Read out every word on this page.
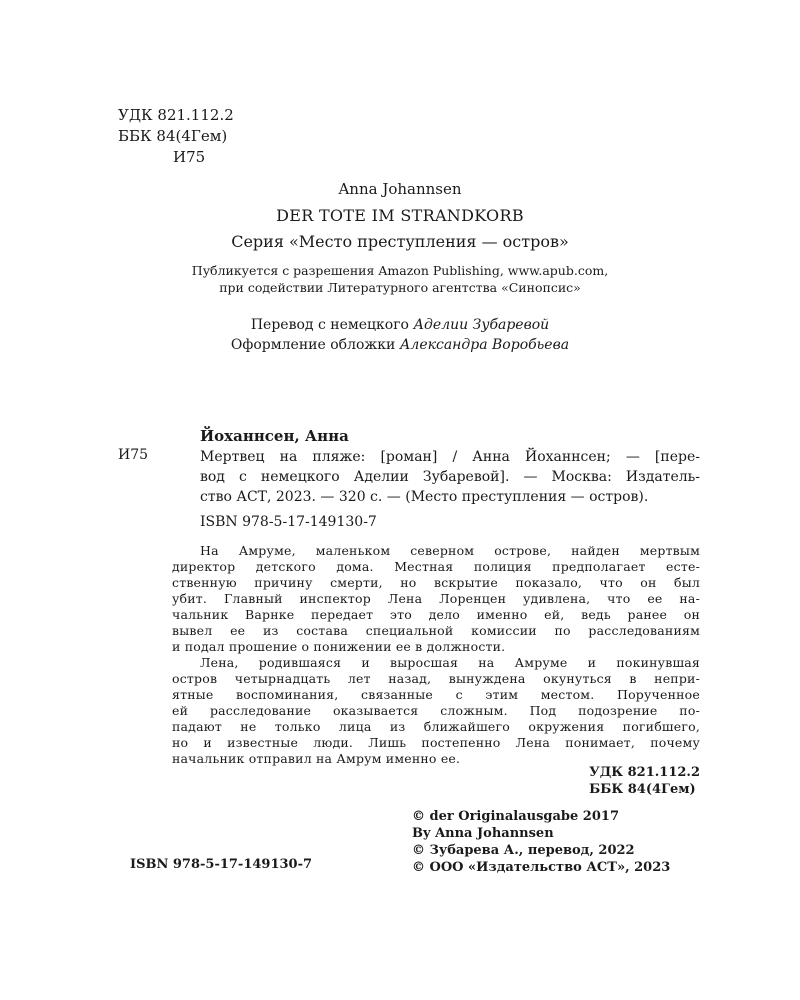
УДК 821.112.2
ББК 84(4Гем)
И75
Anna Johannsen
DER TOTE IM STRANDKORB
Серия «Место преступления — остров»
Публикуется с разрешения Amazon Publishing, www.apub.com,
при содействии Литературного агентства «Синопсис»
Перевод с немецкого Аделии Зубаревой
Оформление обложки Александра Воробьева
Йоханнсен, Анна
И75	Мертвец на пляже: [роман] / Анна Йоханнсен; — [пере-
вод с немецкого Аделии Зубаревой]. — Москва: Издатель-
ство АСТ, 2023. — 320 с. — (Место преступления — остров).
ISBN 978-5-17-149130-7
На Амруме, маленьком северном острове, найден мертвым
директор детского дома. Местная полиция предполагает есте-
ственную причину смерти, но вскрытие показало, что он был
убит. Главный инспектор Лена Лоренцен удивлена, что ее на-
чальник Варнке передает это дело именно ей, ведь ранее он
вывел ее из состава специальной комиссии по расследованиям
и подал прошение о понижении ее в должности.
Лена, родившаяся и выросшая на Амруме и покинувшая
остров четырнадцать лет назад, вынуждена окунуться в непри-
ятные воспоминания, связанные с этим местом. Порученное
ей расследование оказывается сложным. Под подозрение по-
падают не только лица из ближайшего окружения погибшего,
но и известные люди. Лишь постепенно Лена понимает, почему
начальник отправил на Амрум именно ее.
УДК 821.112.2
ББК 84(4Гем)
© der Originalausgabe 2017
By Anna Johannsen
© Зубарева А., перевод, 2022
© ООО «Издательство АСТ», 2023
ISBN 978-5-17-149130-7
